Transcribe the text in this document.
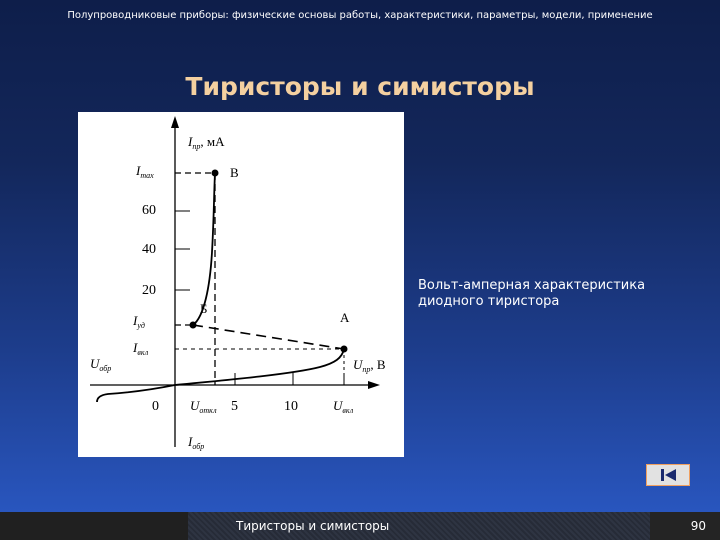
Полупроводниковые приборы: физические основы работы, характеристики, параметры, модели, применение
Тиристоры и симисторы
$I_{пр}$, мА
$I_{max}$	В
60
40
20
Б
$I_{уд}$
А
$I_{вкл}$
$U_{обр}$	$U_{пр}$, В
0 $U_{откл}$ 5	10	$U_{вкл}$
$I_{обр}$
Вольт-амперная характеристика
диодного тиристора
Тиристоры и симисторы	90
